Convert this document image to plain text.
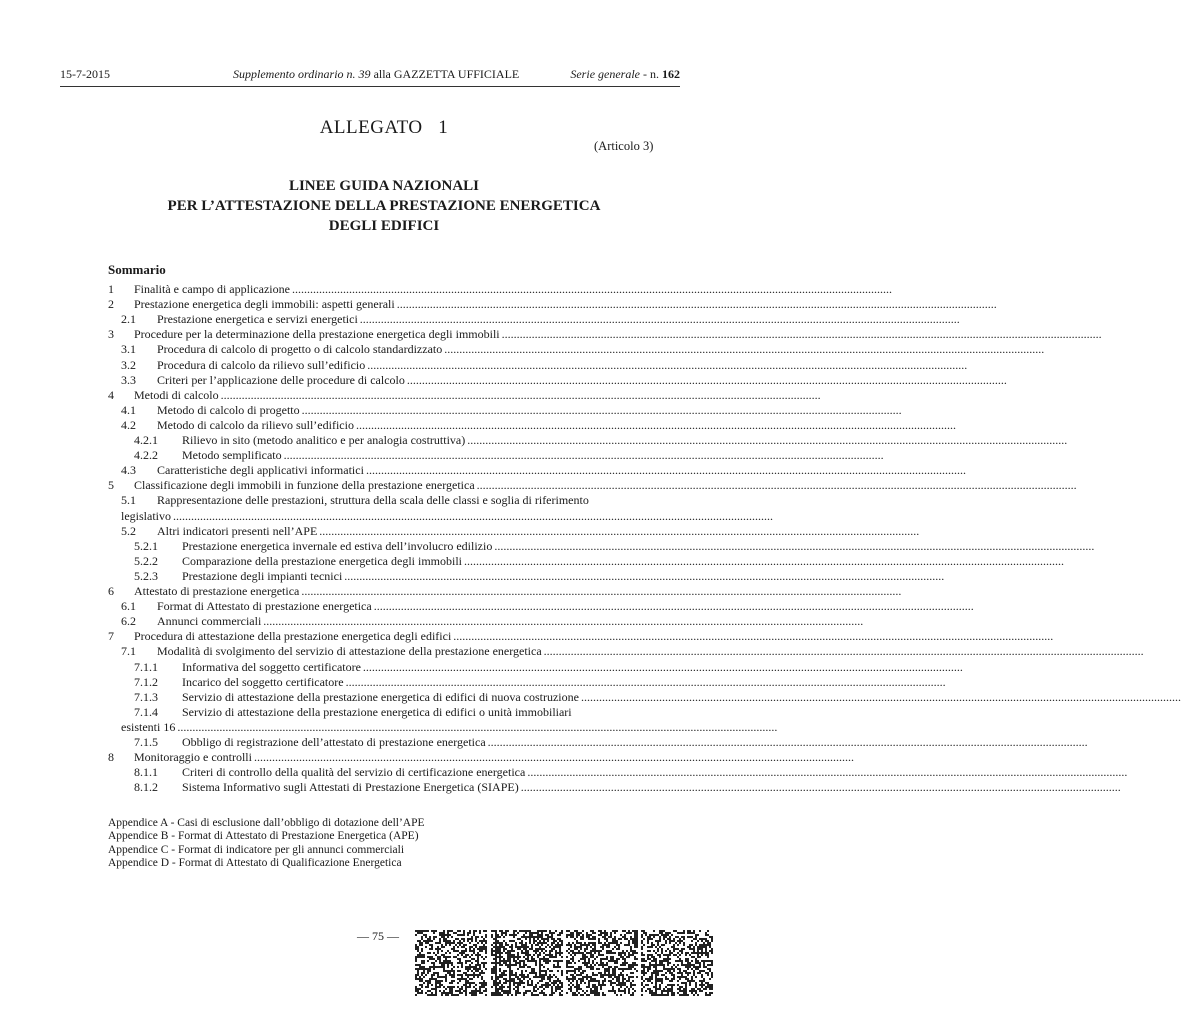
15-7-2015	Supplemento ordinario n. 39 alla GAZZETTA UFFICIALE	Serie generale - n. 162
ALLEGATO   1
(Articolo 3)
LINEE GUIDA NAZIONALI
PER L’ATTESTAZIONE DELLA PRESTAZIONE ENERGETICA
DEGLI EDIFICI
Sommario
1 Finalità e campo di applicazione ........................................................................................................................................................................................................
2 Prestazione energetica degli immobili: aspetti generali ........................................................................................................................................................................................................
2.1 Prestazione energetica e servizi energetici ........................................................................................................................................................................................................
3 Procedure per la determinazione della prestazione energetica degli immobili ........................................................................................................................................................................................................
3.1 Procedura di calcolo di progetto o di calcolo standardizzato ........................................................................................................................................................................................................
3.2 Procedura di calcolo da rilievo sull’edificio ........................................................................................................................................................................................................
3.3 Criteri per l’applicazione delle procedure di calcolo ........................................................................................................................................................................................................
4 Metodi di calcolo ........................................................................................................................................................................................................
4.1 Metodo di calcolo di progetto ........................................................................................................................................................................................................
4.2 Metodo di calcolo da rilievo sull’edificio ........................................................................................................................................................................................................
4.2.1 Rilievo in sito (metodo analitico e per analogia costruttiva) ........................................................................................................................................................................................................
4.2.2 Metodo semplificato ........................................................................................................................................................................................................
4.3 Caratteristiche degli applicativi informatici ........................................................................................................................................................................................................
5 Classificazione degli immobili in funzione della prestazione energetica ........................................................................................................................................................................................................
5.1 Rappresentazione delle prestazioni, struttura della scala delle classi e soglia di riferimento
legislativo ........................................................................................................................................................................................................
5.2 Altri indicatori presenti nell’APE ........................................................................................................................................................................................................
5.2.1 Prestazione energetica invernale ed estiva dell’involucro edilizio ........................................................................................................................................................................................................
5.2.2 Comparazione della prestazione energetica degli immobili ........................................................................................................................................................................................................
5.2.3 Prestazione degli impianti tecnici ........................................................................................................................................................................................................
6 Attestato di prestazione energetica ........................................................................................................................................................................................................
6.1 Format di Attestato di prestazione energetica ........................................................................................................................................................................................................
6.2 Annunci commerciali ........................................................................................................................................................................................................
7 Procedura di attestazione della prestazione energetica degli edifici ........................................................................................................................................................................................................
7.1 Modalità di svolgimento del servizio di attestazione della prestazione energetica ........................................................................................................................................................................................................
7.1.1 Informativa del soggetto certificatore ........................................................................................................................................................................................................
7.1.2 Incarico del soggetto certificatore ........................................................................................................................................................................................................
7.1.3 Servizio di attestazione della prestazione energetica di edifici di nuova costruzione ........................................................................................................................................................................................................
7.1.4 Servizio di attestazione della prestazione energetica di edifici o unità immobiliari
esistenti 16 ........................................................................................................................................................................................................
7.1.5 Obbligo di registrazione dell’attestato di prestazione energetica ........................................................................................................................................................................................................
8 Monitoraggio e controlli ........................................................................................................................................................................................................
8.1.1 Criteri di controllo della qualità del servizio di certificazione energetica ........................................................................................................................................................................................................
8.1.2 Sistema Informativo sugli Attestati di Prestazione Energetica (SIAPE) ........................................................................................................................................................................................................
Appendice A - Casi di esclusione dall’obbligo di dotazione dell’APE
Appendice B - Format di Attestato di Prestazione Energetica (APE)
Appendice C - Format di indicatore per gli annunci commerciali
Appendice D - Format di Attestato di Qualificazione Energetica
— 75 —
